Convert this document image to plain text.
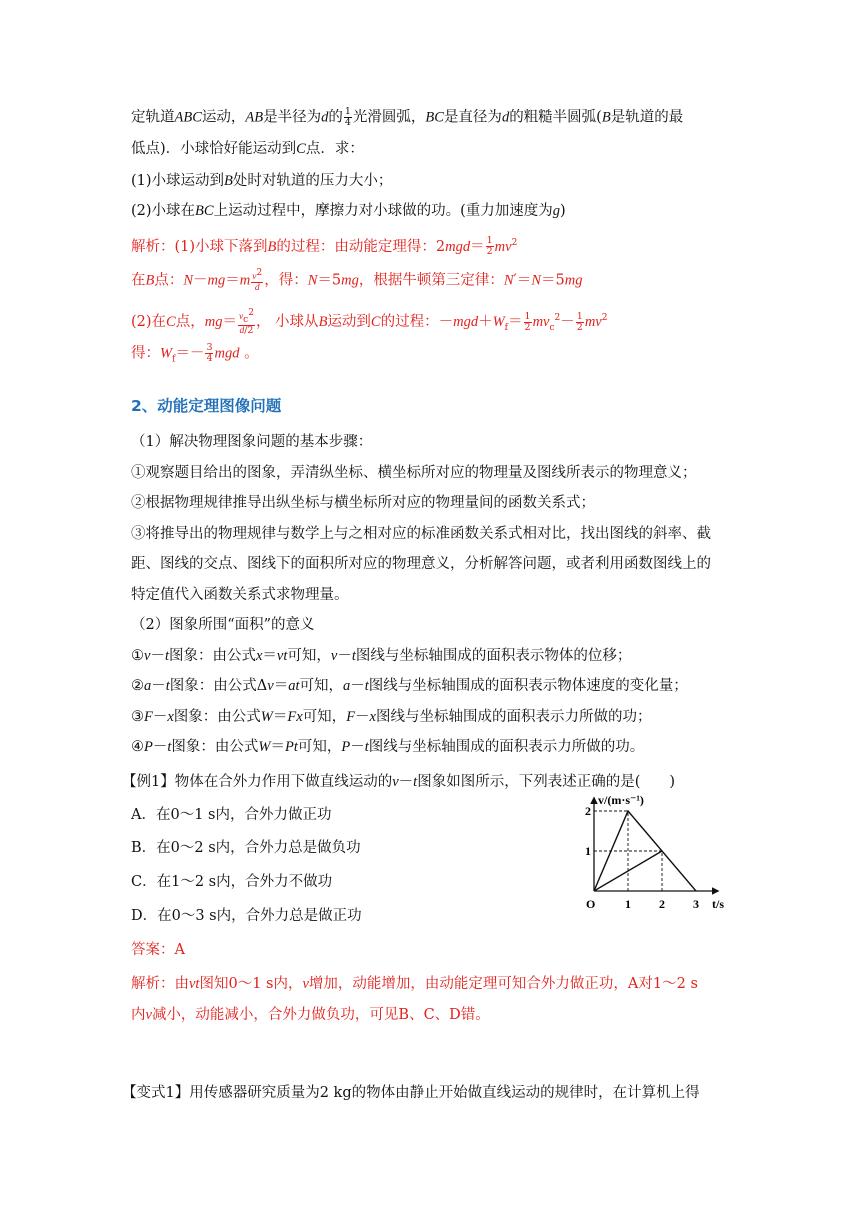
定轨道ABC运动，AB是半径为d的 $\frac{1}{4}$ 光滑圆弧，BC是直径为d的粗糙半圆弧(B是轨道的最
低点)．小球恰好能运动到C点．求：
(1)小球运动到B处时对轨道的压力大小；
(2)小球在BC上运动过程中，摩擦力对小球做的功。(重力加速度为g)
解析：(1)小球下落到B的过程：由动能定理得：$2mgd= \frac{1}{2} mv^2$
在B点：$N-mg=m \frac{v^2}{d}$ ，得：N＝5mg，根据牛顿第三定律：N′＝N＝5mg
(2)在C点，$mg= \frac{v_c^2}{d/2}$ ， 小球从B运动到C的过程：$-mgd+W_f= \frac{1}{2} mv_c^2- \frac{1}{2} mv^2$
得：$W_f=- \frac{3}{4}$ mgd 。
2、动能定理图像问题
（1）解决物理图象问题的基本步骤：
①观察题目给出的图象，弄清纵坐标、横坐标所对应的物理量及图线所表示的物理意义；
②根据物理规律推导出纵坐标与横坐标所对应的物理量间的函数关系式；
③将推导出的物理规律与数学上与之相对应的标准函数关系式相对比，找出图线的斜率、截
距、图线的交点、图线下的面积所对应的物理意义，分析解答问题，或者利用函数图线上的
特定值代入函数关系式求物理量。
（2）图象所围“面积”的意义
①v－t图象：由公式x＝vt可知，v－t图线与坐标轴围成的面积表示物体的位移；
②a－t图象：由公式Δv＝at可知，a－t图线与坐标轴围成的面积表示物体速度的变化量；
③F－x图象：由公式W＝Fx可知，F－x图线与坐标轴围成的面积表示力所做的功；
④P－t图象：由公式W＝Pt可知，P－t图线与坐标轴围成的面积表示力所做的功。
【例1】物体在合外力作用下做直线运动的v－t图象如图所示，下列表述正确的是(　　)
A．在0～1 s内，合外力做正功
B．在0～2 s内，合外力总是做负功
C．在1～2 s内，合外力不做功
D．在0～3 s内，合外力总是做正功
答案：A
解析：由vt图知0～1 s内，v增加，动能增加，由动能定理可知合外力做正功，A对1～2 s
内v减小，动能减小，合外力做负功，可见B、C、D错。
【变式1】用传感器研究质量为2 kg的物体由静止开始做直线运动的规律时，在计算机上得
v/(m·s⁻¹)
t/s
O 1 2 3
1
2
